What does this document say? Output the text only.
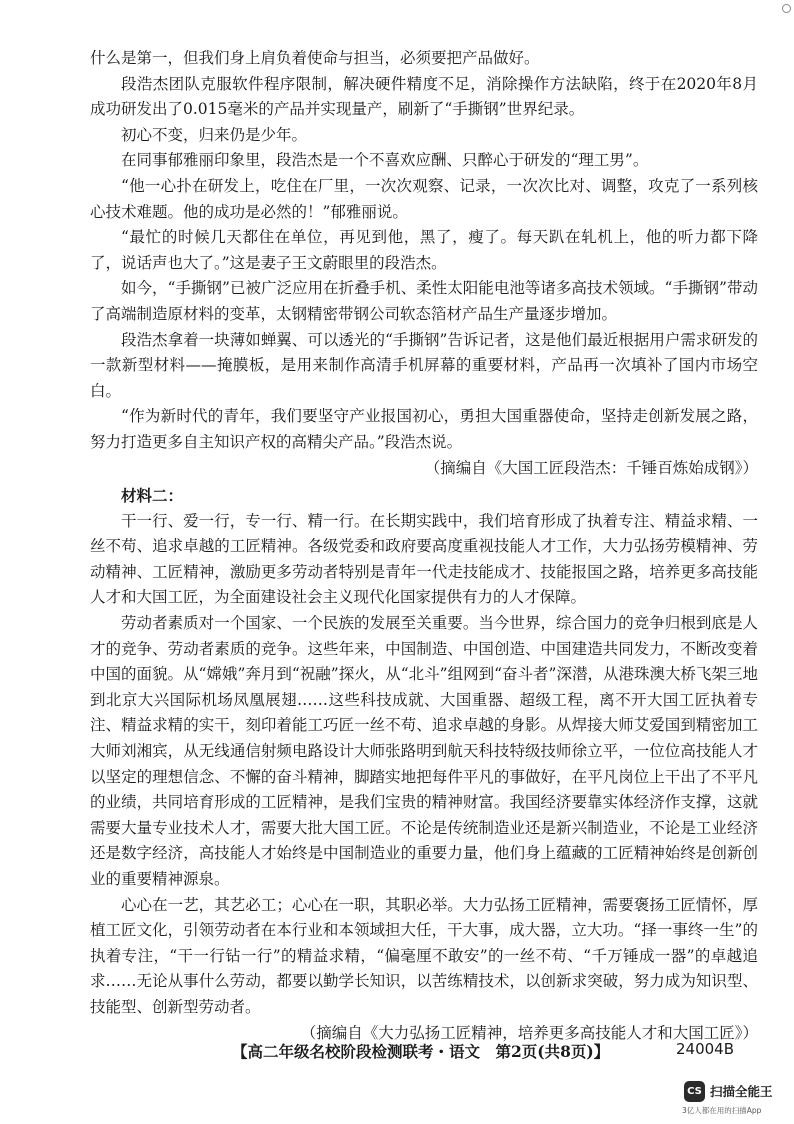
什么是第一，但我们身上肩负着使命与担当，必须要把产品做好。

段浩杰团队克服软件程序限制，解决硬件精度不足，消除操作方法缺陷，终于在2020年8月成功研发出了0.015毫米的产品并实现量产，刷新了“手撕钢”世界纪录。

初心不变，归来仍是少年。

在同事郁雅丽印象里，段浩杰是一个不喜欢应酬、只醉心于研发的“理工男”。

“他一心扑在研发上，吃住在厂里，一次次观察、记录，一次次比对、调整，攻克了一系列核心技术难题。他的成功是必然的！”郁雅丽说。

“最忙的时候几天都住在单位，再见到他，黑了，瘦了。每天趴在轧机上，他的听力都下降了，说话声也大了。”这是妻子王文蔚眼里的段浩杰。

如今，“手撕钢”已被广泛应用在折叠手机、柔性太阳能电池等诸多高技术领域。“手撕钢”带动了高端制造原材料的变革，太钢精密带钢公司软态箔材产品生产量逐步增加。

段浩杰拿着一块薄如蝉翼、可以透光的“手撕钢”告诉记者，这是他们最近根据用户需求研发的一款新型材料——掩膜板，是用来制作高清手机屏幕的重要材料，产品再一次填补了国内市场空白。

“作为新时代的青年，我们要坚守产业报国初心，勇担大国重器使命，坚持走创新发展之路，努力打造更多自主知识产权的高精尖产品。”段浩杰说。

（摘编自《大国工匠段浩杰：千锤百炼始成钢》）

材料二：

干一行、爱一行，专一行、精一行。在长期实践中，我们培育形成了执着专注、精益求精、一丝不苟、追求卓越的工匠精神。各级党委和政府要高度重视技能人才工作，大力弘扬劳模精神、劳动精神、工匠精神，激励更多劳动者特别是青年一代走技能成才、技能报国之路，培养更多高技能人才和大国工匠，为全面建设社会主义现代化国家提供有力的人才保障。

劳动者素质对一个国家、一个民族的发展至关重要。当今世界，综合国力的竞争归根到底是人才的竞争、劳动者素质的竞争。这些年来，中国制造、中国创造、中国建造共同发力，不断改变着中国的面貌。从“嫦娥”奔月到“祝融”探火，从“北斗”组网到“奋斗者”深潜，从港珠澳大桥飞架三地到北京大兴国际机场凤凰展翅……这些科技成就、大国重器、超级工程，离不开大国工匠执着专注、精益求精的实干，刻印着能工巧匠一丝不苟、追求卓越的身影。从焊接大师艾爱国到精密加工大师刘湘宾，从无线通信射频电路设计大师张路明到航天科技特级技师徐立平，一位位高技能人才以坚定的理想信念、不懈的奋斗精神，脚踏实地把每件平凡的事做好，在平凡岗位上干出了不平凡的业绩，共同培育形成的工匠精神，是我们宝贵的精神财富。我国经济要靠实体经济作支撑，这就需要大量专业技术人才，需要大批大国工匠。不论是传统制造业还是新兴制造业，不论是工业经济还是数字经济，高技能人才始终是中国制造业的重要力量，他们身上蕴藏的工匠精神始终是创新创业的重要精神源泉。

心心在一艺，其艺必工；心心在一职，其职必举。大力弘扬工匠精神，需要褒扬工匠情怀，厚植工匠文化，引领劳动者在本行业和本领域担大任，干大事，成大器，立大功。“择一事终一生”的执着专注，“干一行钻一行”的精益求精，“偏毫厘不敢安”的一丝不苟、“千万锤成一器”的卓越追求……无论从事什么劳动，都要以勤学长知识，以苦练精技术，以创新求突破，努力成为知识型、技能型、创新型劳动者。

（摘编自《大力弘扬工匠精神，培养更多高技能人才和大国工匠》）

【高二年级名校阶段检测联考・语文　第2页(共8页)】	24004B
CS 扫描全能王
3亿人都在用的扫描App
